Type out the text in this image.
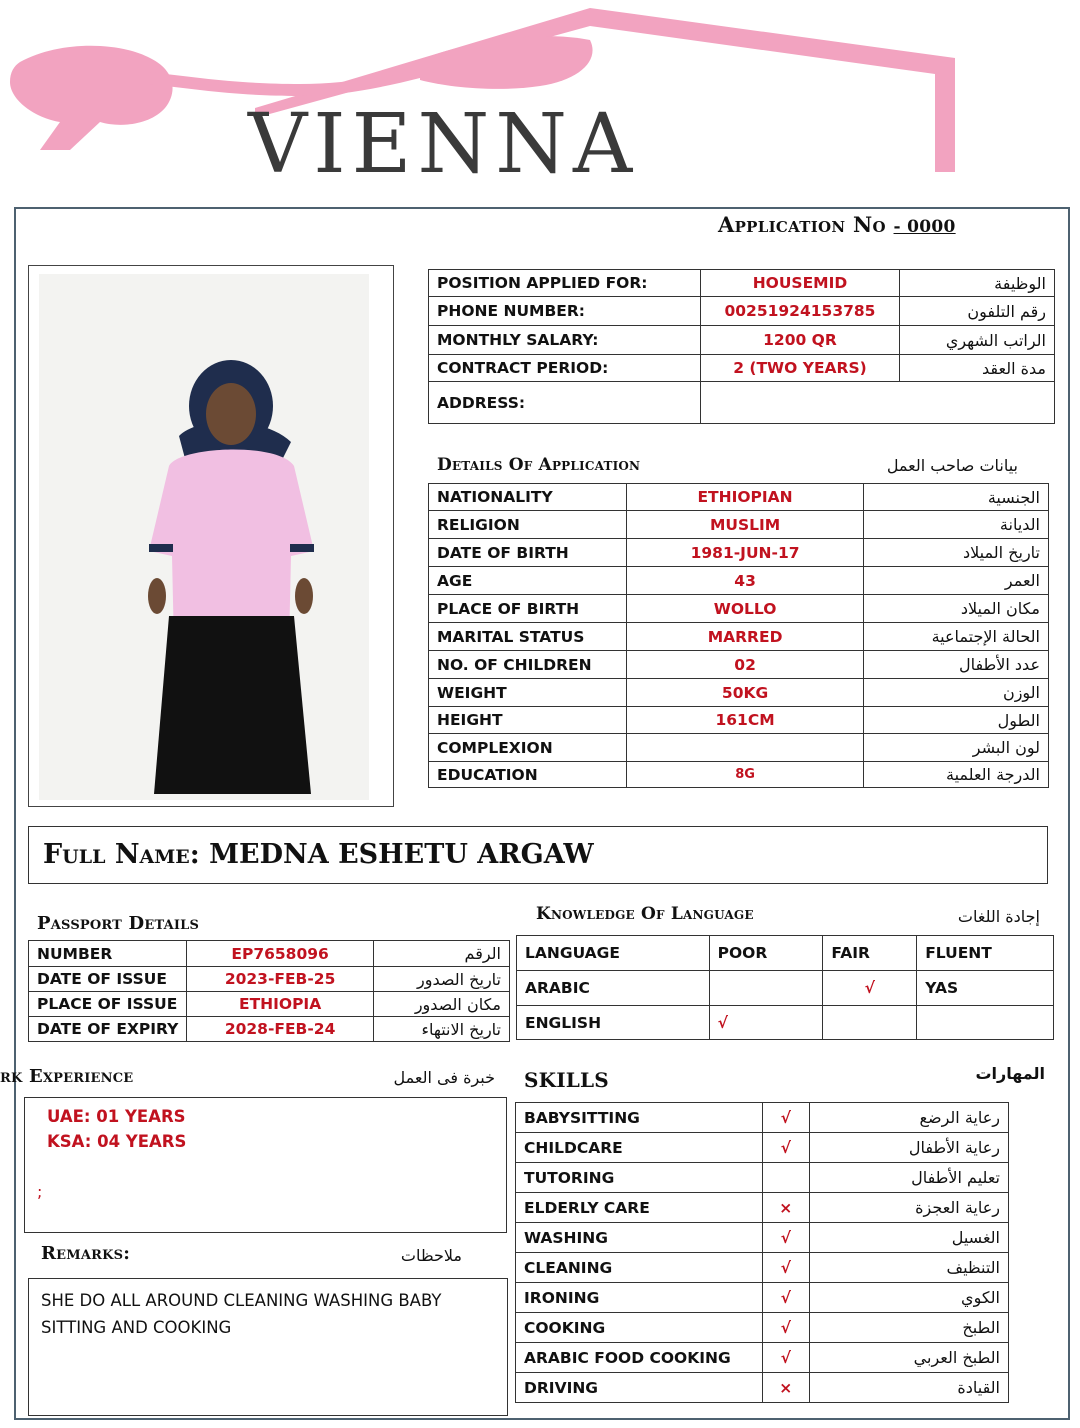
VIENNA
Application No - 0000
POSITION APPLIED FOR:	HOUSEMID	الوظيفة
PHONE NUMBER:	00251924153785	رقم التلفون
MONTHLY SALARY:	1200 QR	الراتب الشهري
CONTRACT PERIOD:	2 (TWO YEARS)	مدة العقد
ADDRESS:		
Details Of Application	بيانات صاحب العمل
NATIONALITY	ETHIOPIAN	الجنسية
RELIGION	MUSLIM	الديانة
DATE OF BIRTH	1981-JUN-17	تاريخ الميلاد
AGE	43	العمر
PLACE OF BIRTH	WOLLO	مكان الميلاد
MARITAL STATUS	MARRED	الحالة الإجتماعية
NO. OF CHILDREN	02	عدد الأطفال
WEIGHT	50KG	الوزن
HEIGHT	161CM	الطول
COMPLEXION		لون البشر
EDUCATION	8G	الدرجة العلمية
Full Name: MEDNA ESHETU ARGAW
Passport Details
NUMBER	EP7658096	الرقم
DATE OF ISSUE	2023-FEB-25	تاريخ الصدور
PLACE OF ISSUE	ETHIOPIA	مكان الصدور
DATE OF EXPIRY	2028-FEB-24	تاريخ الانتهاء
Knowledge Of Language	إجادة اللغات
LANGUAGE	POOR	FAIR	FLUENT
ARABIC		√	YAS
ENGLISH	√		
rk Experience	خبرة فى العمل
UAE: 01 YEARS
KSA: 04 YEARS
;
SKILLS	المهارات
BABYSITTING	√	رعاية الرضع
CHILDCARE	√	رعاية الأطفال
TUTORING		تعليم الأطفال
ELDERLY CARE	×	رعاية العجزة
WASHING	√	الغسيل
CLEANING	√	التنظيف
IRONING	√	الكوي
COOKING	√	الطبخ
ARABIC FOOD COOKING	√	الطبخ العربي
DRIVING	×	القيادة
Remarks:	ملاحظات
SHE DO ALL AROUND CLEANING WASHING BABY SITTING AND COOKING
